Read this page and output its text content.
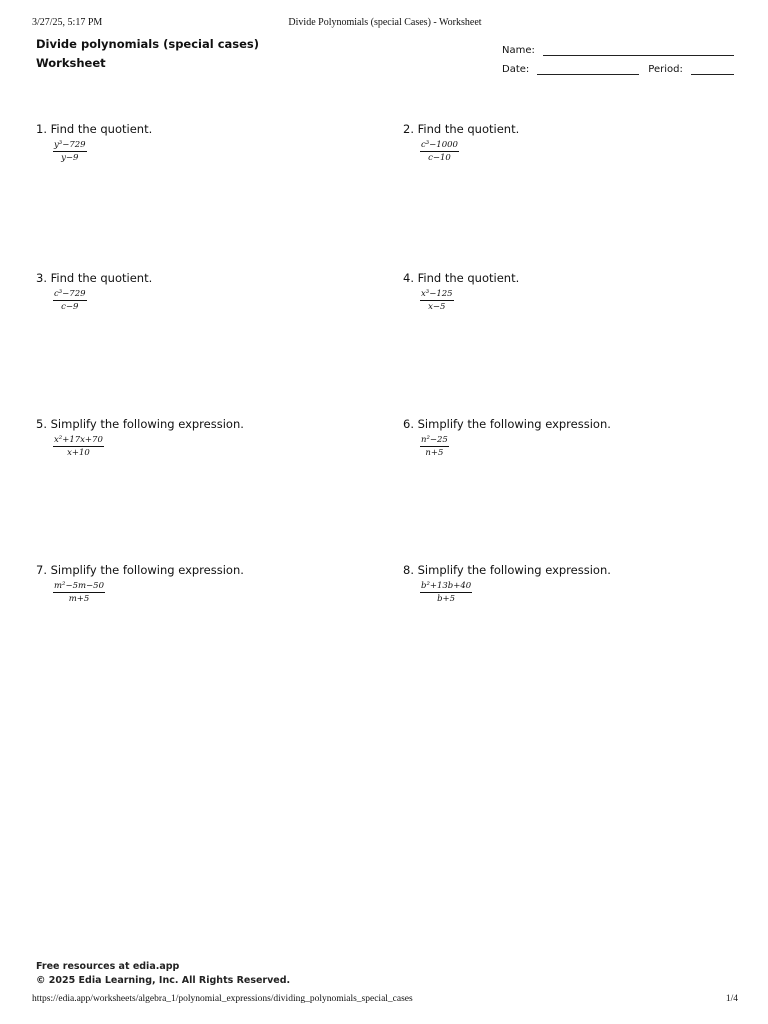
3/27/25, 5:17 PM	Divide Polynomials (special Cases) - Worksheet
Divide polynomials (special cases)
Worksheet
Name:
Date:	Period:
1. Find the quotient.
$\frac{\text{y³−729}}{y-9}$
2. Find the quotient.
$\frac{\text{c³−1000}}{c-10}$
3. Find the quotient.
$\frac{\text{c³−729}}{c-9}$
4. Find the quotient.
$\frac{\text{x³−125}}{x-5}$
5. Simplify the following expression.
$\frac{\text{x²+17x+70}}{x+10}$
6. Simplify the following expression.
$\frac{\text{n²−25}}{n+5}$
7. Simplify the following expression.
$\frac{\text{m²−5m−50}}{m+5}$
8. Simplify the following expression.
$\frac{\text{b²+13b+40}}{b+5}$
Free resources at edia.app
© 2025 Edia Learning, Inc. All Rights Reserved.
https://edia.app/worksheets/algebra_1/polynomial_expressions/dividing_polynomials_special_cases	1/4
